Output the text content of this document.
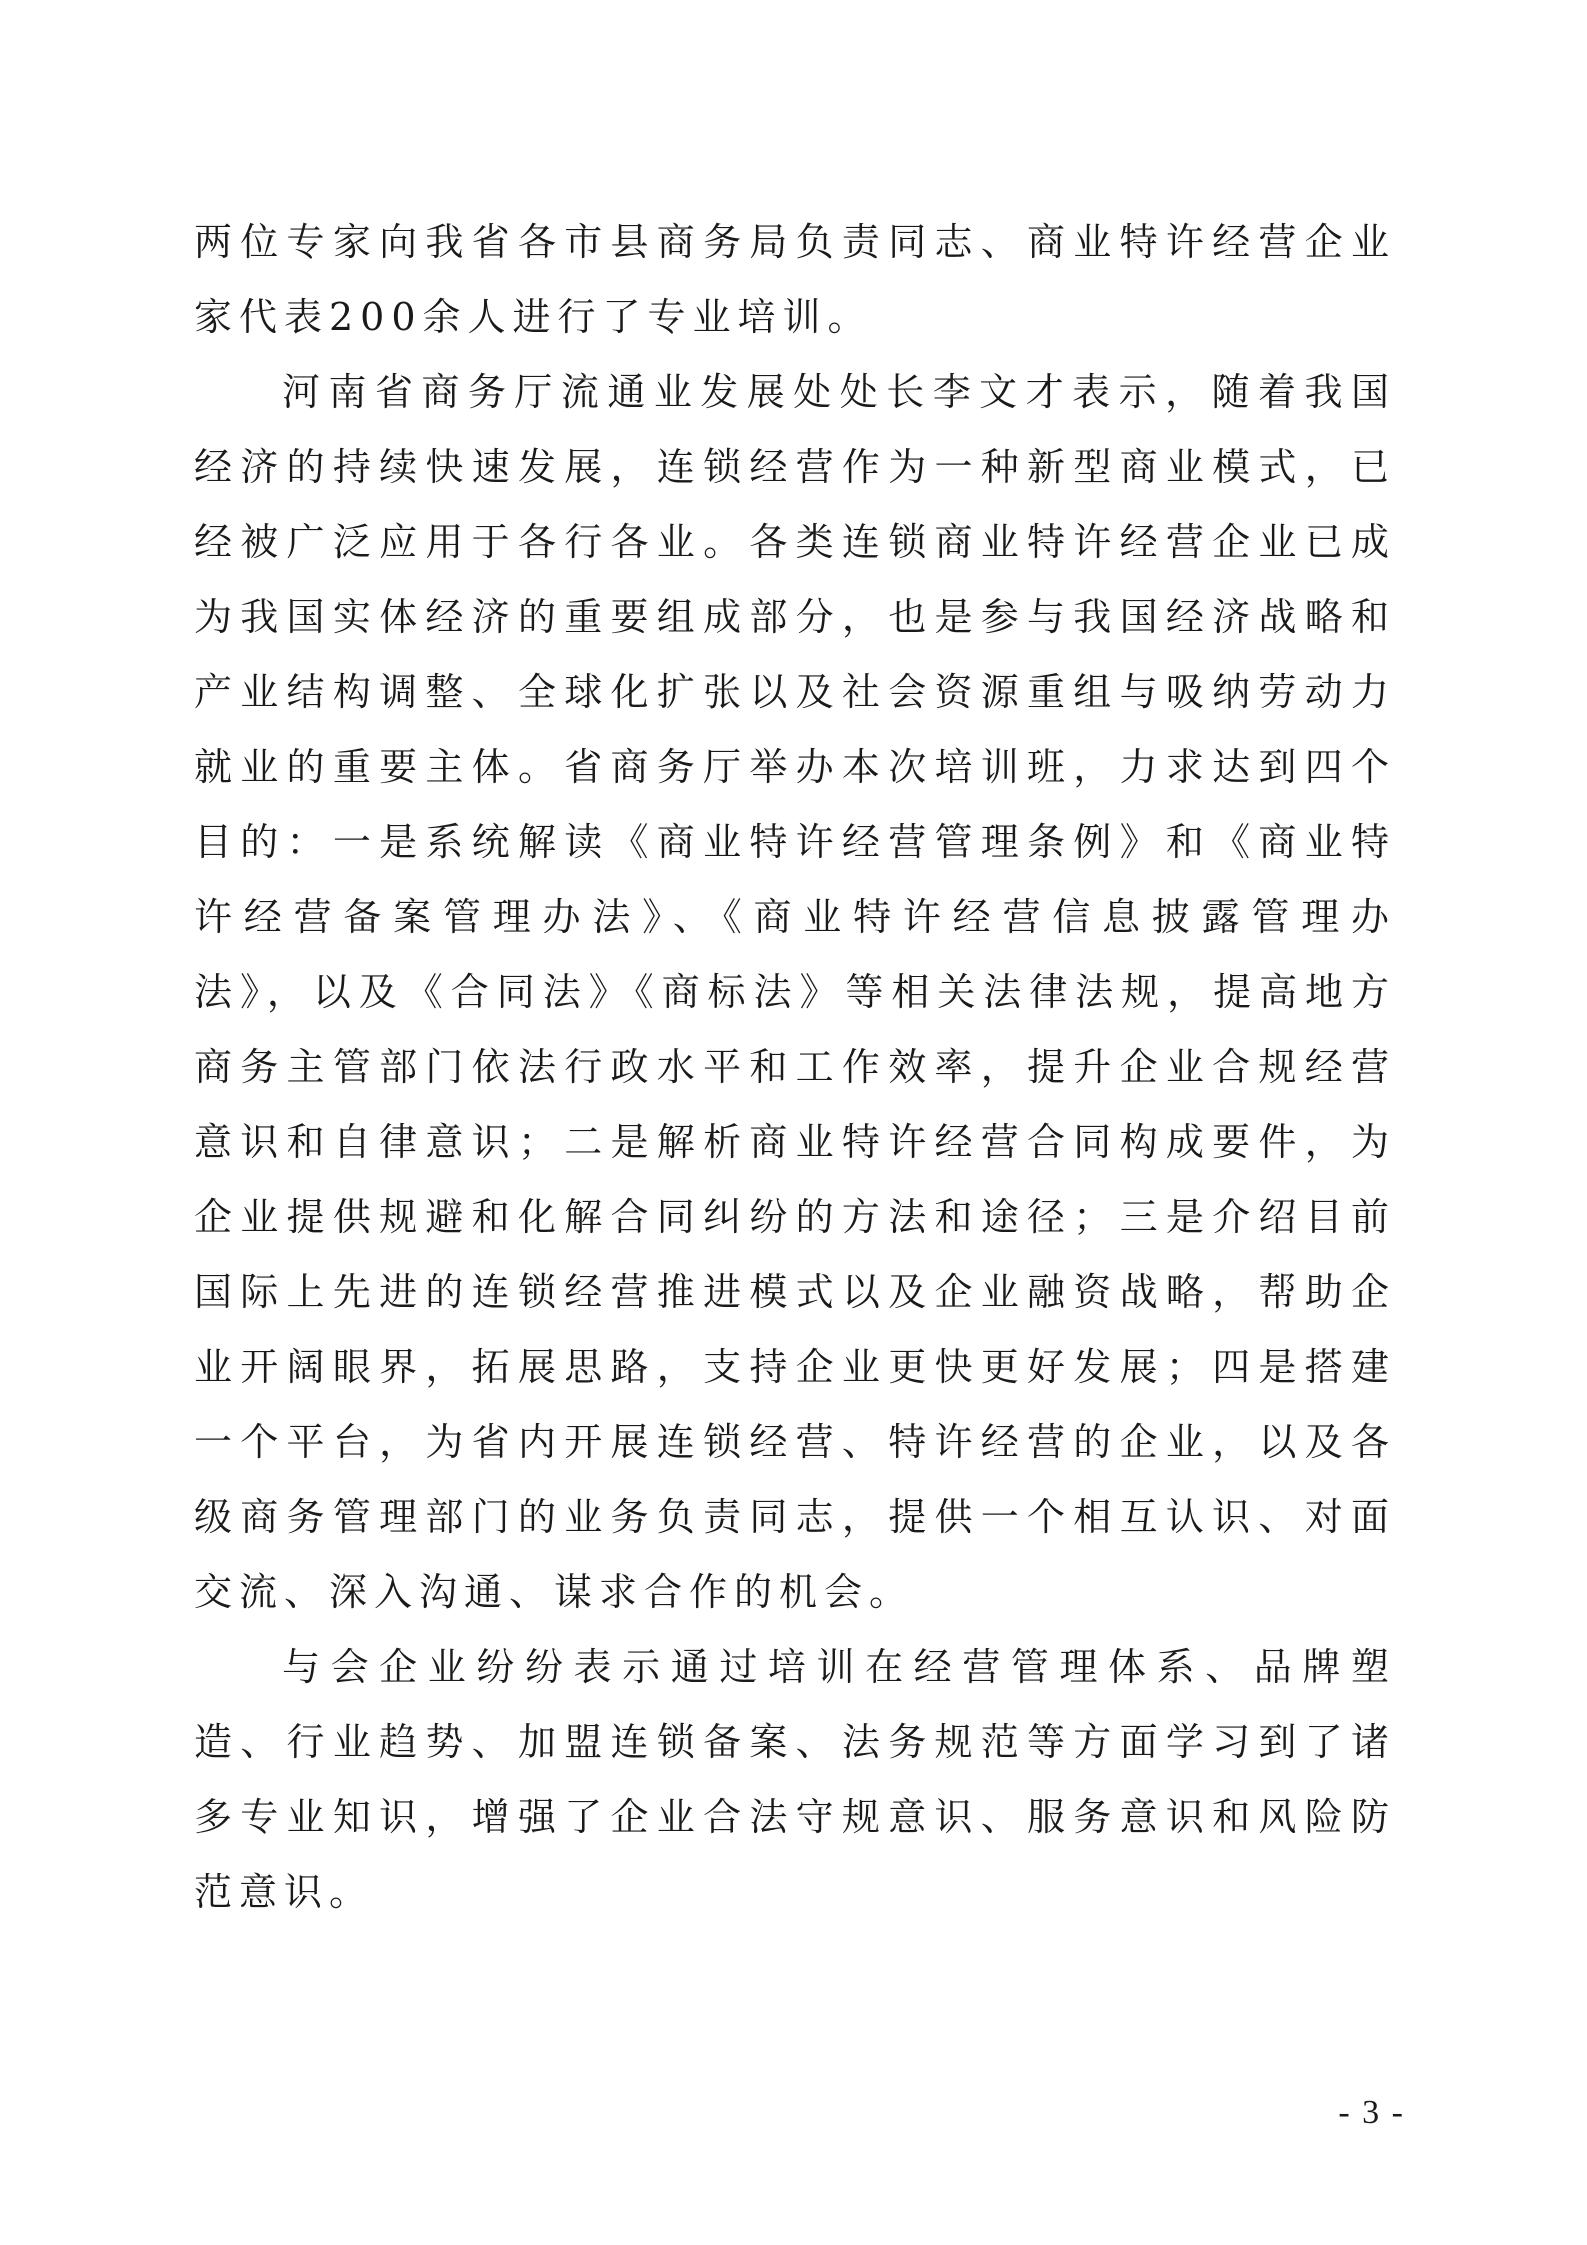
两位专家向我省各市县商务局负责同志、商业特许经营企业家代表200余人进行了专业培训。

河南省商务厅流通业发展处处长李文才表示，随着我国经济的持续快速发展，连锁经营作为一种新型商业模式，已经被广泛应用于各行各业。各类连锁商业特许经营企业已成为我国实体经济的重要组成部分，也是参与我国经济战略和产业结构调整、全球化扩张以及社会资源重组与吸纳劳动力就业的重要主体。省商务厅举办本次培训班，力求达到四个目的：一是系统解读《商业特许经营管理条例》和《商业特许经营备案管理办法》、《商业特许经营信息披露管理办法》，以及《合同法》《商标法》等相关法律法规，提高地方商务主管部门依法行政水平和工作效率，提升企业合规经营意识和自律意识；二是解析商业特许经营合同构成要件，为企业提供规避和化解合同纠纷的方法和途径；三是介绍目前国际上先进的连锁经营推进模式以及企业融资战略，帮助企业开阔眼界，拓展思路，支持企业更快更好发展；四是搭建一个平台，为省内开展连锁经营、特许经营的企业，以及各级商务管理部门的业务负责同志，提供一个相互认识、对面交流、深入沟通、谋求合作的机会。

与会企业纷纷表示通过培训在经营管理体系、品牌塑造、行业趋势、加盟连锁备案、法务规范等方面学习到了诸多专业知识，增强了企业合法守规意识、服务意识和风险防范意识。

- 3 -
